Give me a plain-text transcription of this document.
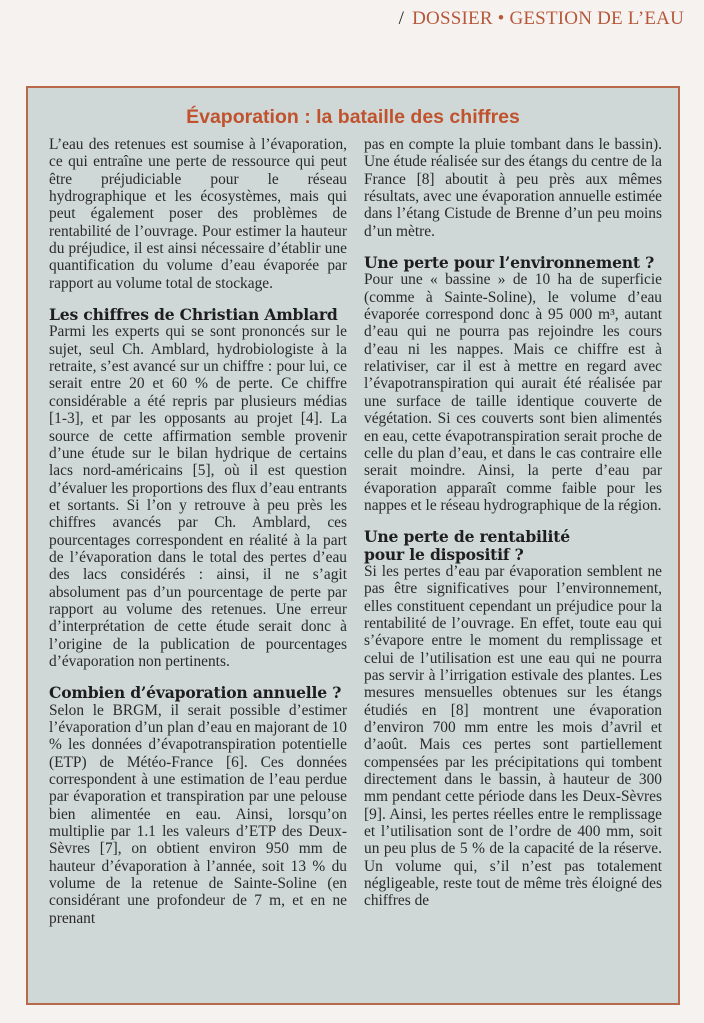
/ DOSSIER • GESTION DE L’EAU
Évaporation : la bataille des chiffres

L’eau des retenues est soumise à l’évaporation, ce qui entraîne une perte de ressource qui peut être préjudiciable pour le réseau hydrographique et les écosystèmes, mais qui peut également poser des problèmes de rentabilité de l’ouvrage. Pour estimer la hauteur du préjudice, il est ainsi nécessaire d’établir une quantification du volume d’eau évaporée par rapport au volume total de stockage.

Les chiffres de Christian Amblard

Parmi les experts qui se sont prononcés sur le sujet, seul Ch. Amblard, hydrobiologiste à la retraite, s’est avancé sur un chiffre : pour lui, ce serait entre 20 et 60 % de perte. Ce chiffre considérable a été repris par plusieurs médias [1-3], et par les opposants au projet [4]. La source de cette affirmation semble provenir d’une étude sur le bilan hydrique de certains lacs nord-américains [5], où il est question d’évaluer les proportions des flux d’eau entrants et sortants. Si l’on y retrouve à peu près les chiffres avancés par Ch. Amblard, ces pourcentages correspondent en réalité à la part de l’évaporation dans le total des pertes d’eau des lacs considérés : ainsi, il ne s’agit absolument pas d’un pourcentage de perte par rapport au volume des retenues. Une erreur d’interprétation de cette étude serait donc à l’origine de la publication de pourcentages d’évaporation non pertinents.

Combien d’évaporation annuelle ?

Selon le BRGM, il serait possible d’estimer l’évaporation d’un plan d’eau en majorant de 10 % les données d’évapotranspiration potentielle (ETP) de Météo-France [6]. Ces données correspondent à une estimation de l’eau perdue par évaporation et transpiration par une pelouse bien alimentée en eau. Ainsi, lorsqu’on multiplie par 1.1 les valeurs d’ETP des Deux-Sèvres [7], on obtient environ 950 mm de hauteur d’évaporation à l’année, soit 13 % du volume de la retenue de Sainte-Soline (en considérant une profondeur de 7 m, et en ne prenant

pas en compte la pluie tombant dans le bassin). Une étude réalisée sur des étangs du centre de la France [8] aboutit à peu près aux mêmes résultats, avec une évaporation annuelle estimée dans l’étang Cistude de Brenne d’un peu moins d’un mètre.

Une perte pour l’environnement ?

Pour une « bassine » de 10 ha de superficie (comme à Sainte-Soline), le volume d’eau évaporée correspond donc à 95 000 m³, autant d’eau qui ne pourra pas rejoindre les cours d’eau ni les nappes. Mais ce chiffre est à relativiser, car il est à mettre en regard avec l’évapotranspiration qui aurait été réalisée par une surface de taille identique couverte de végétation. Si ces couverts sont bien alimentés en eau, cette évapotranspiration serait proche de celle du plan d’eau, et dans le cas contraire elle serait moindre. Ainsi, la perte d’eau par évaporation apparaît comme faible pour les nappes et le réseau hydrographique de la région.

Une perte de rentabilité
pour le dispositif ?

Si les pertes d’eau par évaporation semblent ne pas être significatives pour l’environnement, elles constituent cependant un préjudice pour la rentabilité de l’ouvrage. En effet, toute eau qui s’évapore entre le moment du remplissage et celui de l’utilisation est une eau qui ne pourra pas servir à l’irrigation estivale des plantes. Les mesures mensuelles obtenues sur les étangs étudiés en [8] montrent une évaporation d’environ 700 mm entre les mois d’avril et d’août. Mais ces pertes sont partiellement compensées par les précipitations qui tombent directement dans le bassin, à hauteur de 300 mm pendant cette période dans les Deux-Sèvres [9]. Ainsi, les pertes réelles entre le remplissage et l’utilisation sont de l’ordre de 400 mm, soit un peu plus de 5 % de la capacité de la réserve. Un volume qui, s’il n’est pas totalement négligeable, reste tout de même très éloigné des chiffres de
